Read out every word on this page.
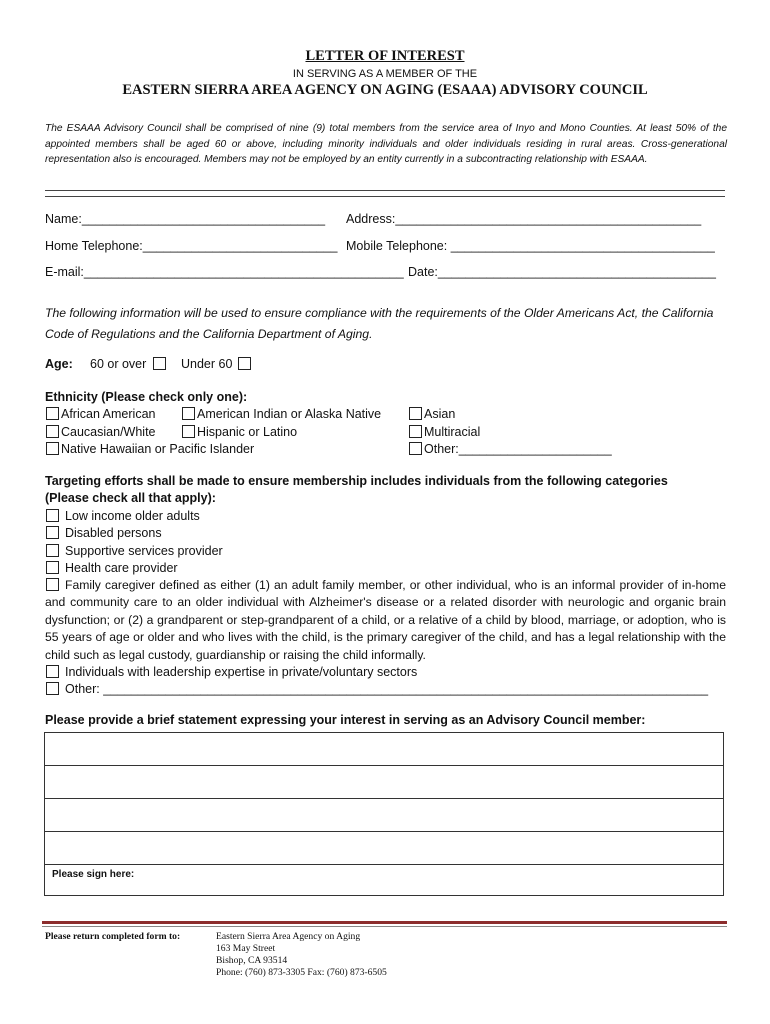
LETTER OF INTEREST
IN SERVING AS A MEMBER OF THE
EASTERN SIERRA AREA AGENCY ON AGING (ESAAA) ADVISORY COUNCIL
The ESAAA Advisory Council shall be comprised of nine (9) total members from the service area of Inyo and Mono Counties. At least 50% of the appointed members shall be aged 60 or above, including minority individuals and older individuals residing in rural areas. Cross-generational representation also is encouraged. Members may not be employed by an entity currently in a subcontracting relationship with ESAAA.
Name:___________________________________ Address:____________________________________________
Home Telephone:____________________________ Mobile Telephone: ______________________________________
E-mail:______________________________________________ Date:________________________________________
The following information will be used to ensure compliance with the requirements of the Older Americans Act, the California Code of Regulations and the California Department of Aging.
Age: 60 or over	Under 60
Ethnicity (Please check only one):
African American	American Indian or Alaska Native	Asian
Caucasian/White	Hispanic or Latino	Multiracial
Native Hawaiian or Pacific Islander	Other:______________________
Targeting efforts shall be made to ensure membership includes individuals from the following categories
(Please check all that apply):
Low income older adults
Disabled persons
Supportive services provider
Health care provider
Family caregiver defined as either (1) an adult family member, or other individual, who is an informal provider of in-home and community care to an older individual with Alzheimer's disease or a related disorder with neurologic and organic brain dysfunction; or (2) a grandparent or step-grandparent of a child, or a relative of a child by blood, marriage, or adoption, who is 55 years of age or older and who lives with the child, is the primary caregiver of the child, and has a legal relationship with the child such as legal custody, guardianship or raising the child informally.
Individuals with leadership expertise in private/voluntary sectors
Other: _______________________________________________________________________________________
Please provide a brief statement expressing your interest in serving as an Advisory Council member:
Please sign here:
Please return completed form to:	Eastern Sierra Area Agency on Aging
163 May Street
Bishop, CA 93514
Phone: (760) 873-3305 Fax: (760) 873-6505
